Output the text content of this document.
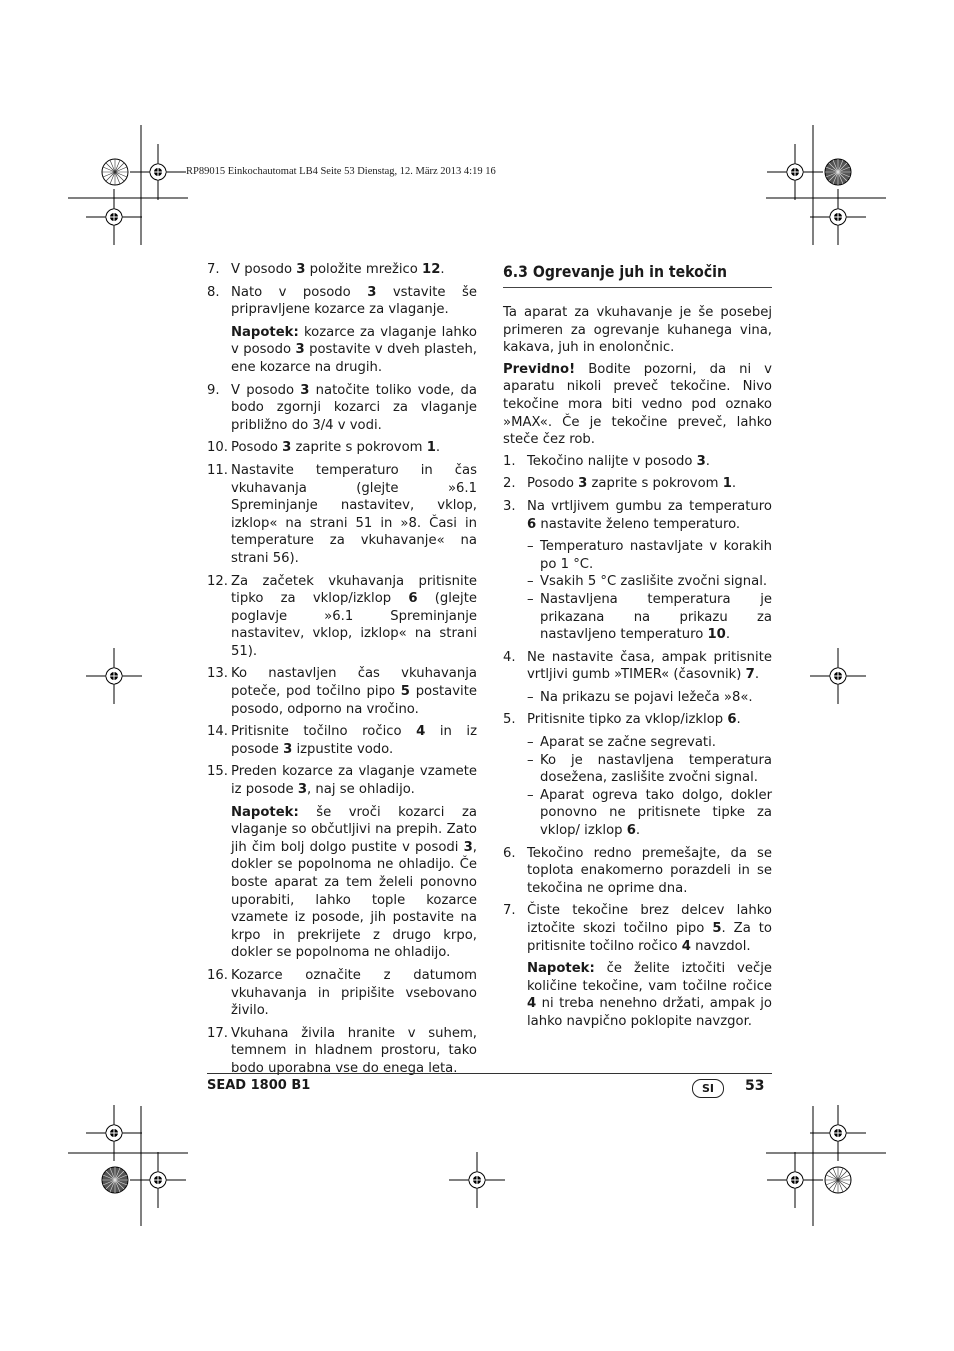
RP89015 Einkochautomat LB4 Seite 53 Dienstag, 12. März 2013 4:19 16
7. V posodo 3 položite mrežico 12.
8. Nato v posodo 3 vstavite še pripravljene kozarce za vlaganje.
Napotek: kozarce za vlaganje lahko v posodo 3 postavite v dveh plasteh, ene kozarce na drugih.
9. V posodo 3 natočite toliko vode, da bodo zgornji kozarci za vlaganje približno do 3/4 v vodi.
10. Posodo 3 zaprite s pokrovom 1.
11. Nastavite temperaturo in čas vkuhavanja (glejte »6.1 Spreminjanje nastavitev, vklop, izklop« na strani 51 in »8. Časi in temperature za vkuhavanje« na strani 56).
12. Za začetek vkuhavanja pritisnite tipko za vklop/izklop 6 (glejte poglavje »6.1 Spreminjanje nastavitev, vklop, izklop« na strani 51).
13. Ko nastavljen čas vkuhavanja poteče, pod točilno pipo 5 postavite posodo, odporno na vročino.
14. Pritisnite točilno ročico 4 in iz posode 3 izpustite vodo.
15. Preden kozarce za vlaganje vzamete iz posode 3, naj se ohladijo.
Napotek: še vroči kozarci za vlaganje so občutljivi na prepih. Zato jih čim bolj dolgo pustite v posodi 3, dokler se popolnoma ne ohladijo. Če boste aparat za tem želeli ponovno uporabiti, lahko tople kozarce vzamete iz posode, jih postavite na krpo in prekrijete z drugo krpo, dokler se popolnoma ne ohladijo.
16. Kozarce označite z datumom vkuhavanja in pripišite vsebovano živilo.
17. Vkuhana živila hranite v suhem, temnem in hladnem prostoru, tako bodo uporabna vse do enega leta.
6.3 Ogrevanje juh in tekočin
Ta aparat za vkuhavanje je še posebej primeren za ogrevanje kuhanega vina, kakava, juh in enolončnic.
Previdno! Bodite pozorni, da ni v aparatu nikoli preveč tekočine. Nivo tekočine mora biti vedno pod oznako »MAX«. Če je tekočine preveč, lahko steče čez rob.
1. Tekočino nalijte v posodo 3.
2. Posodo 3 zaprite s pokrovom 1.
3. Na vrtljivem gumbu za temperaturo 6 nastavite želeno temperaturo.
– Temperaturo nastavljate v korakih po 1 °C.
– Vsakih 5 °C zaslišite zvočni signal.
– Nastavljena temperatura je prikazana na prikazu za nastavljeno temperaturo 10.
4. Ne nastavite časa, ampak pritisnite vrtljivi gumb »TIMER« (časovnik) 7.
– Na prikazu se pojavi ležeča »8«.
5. Pritisnite tipko za vklop/izklop 6.
– Aparat se začne segrevati.
– Ko je nastavljena temperatura dosežena, zaslišite zvočni signal.
– Aparat ogreva tako dolgo, dokler ponovno ne pritisnete tipke za vklop/ izklop 6.
6. Tekočino redno premešajte, da se toplota enakomerno porazdeli in se tekočina ne oprime dna.
7. Čiste tekočine brez delcev lahko iztočite skozi točilno pipo 5. Za to pritisnite točilno ročico 4 navzdol.
Napotek: če želite iztočiti večje količine tekočine, vam točilne ročice 4 ni treba nenehno držati, ampak jo lahko navpično poklopite navzgor.
SEAD 1800 B1	SI	53
